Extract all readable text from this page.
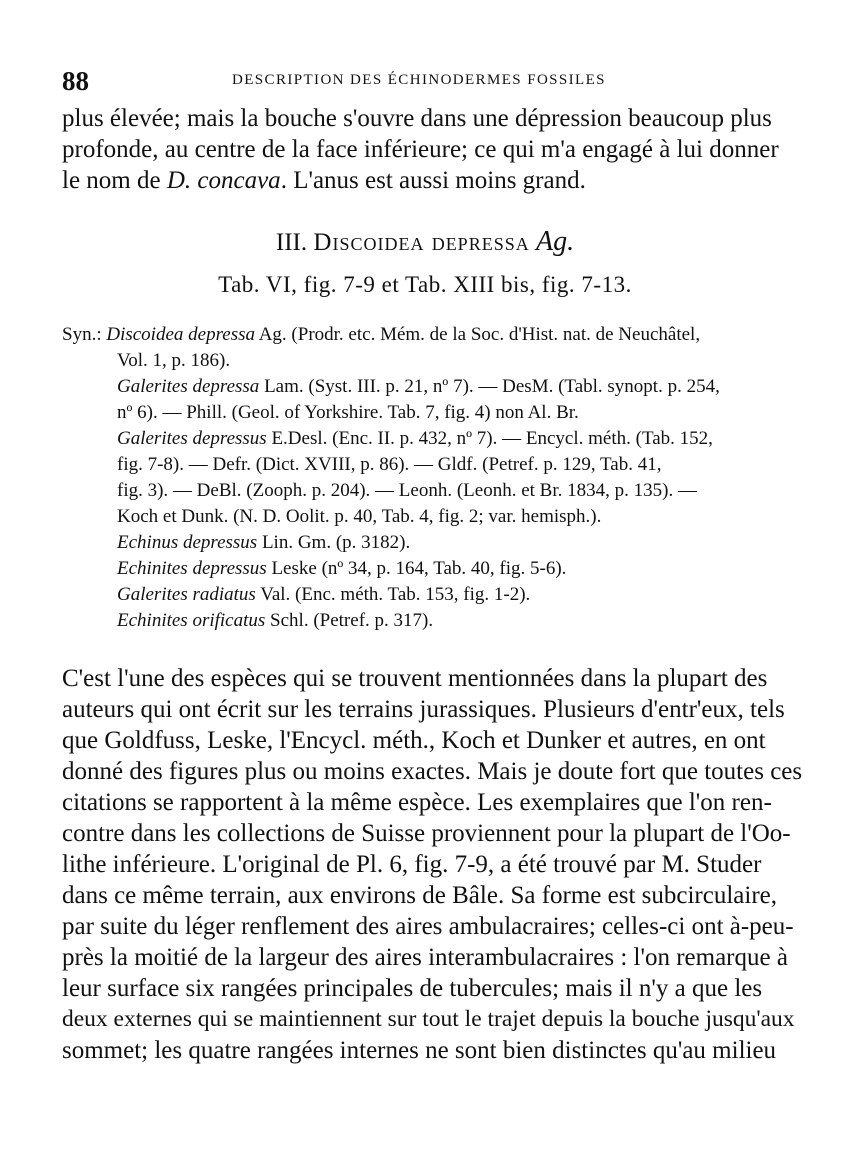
88	DESCRIPTION DES ÉCHINODERMES FOSSILES
plus élevée; mais la bouche s'ouvre dans une dépression beaucoup plus
profonde, au centre de la face inférieure; ce qui m'a engagé à lui donner
le nom de D. concava. L'anus est aussi moins grand.
III. Discoidea depressa Ag.
Tab. VI, fig. 7-9 et Tab. XIII bis, fig. 7-13.
Syn.: Discoidea depressa Ag. (Prodr. etc. Mém. de la Soc. d'Hist. nat. de Neuchâtel,
Vol. 1, p. 186).
Galerites depressa Lam. (Syst. III. p. 21, nº 7). — DesM. (Tabl. synopt. p. 254,
nº 6). — Phill. (Geol. of Yorkshire. Tab. 7, fig. 4) non Al. Br.
Galerites depressus E.Desl. (Enc. II. p. 432, nº 7). — Encycl. méth. (Tab. 152,
fig. 7-8). — Defr. (Dict. XVIII, p. 86). — Gldf. (Petref. p. 129, Tab. 41,
fig. 3). — DeBl. (Zooph. p. 204). — Leonh. (Leonh. et Br. 1834, p. 135). —
Koch et Dunk. (N. D. Oolit. p. 40, Tab. 4, fig. 2; var. hemisph.).
Echinus depressus Lin. Gm. (p. 3182).
Echinites depressus Leske (nº 34, p. 164, Tab. 40, fig. 5-6).
Galerites radiatus Val. (Enc. méth. Tab. 153, fig. 1-2).
Echinites orificatus Schl. (Petref. p. 317).
C'est l'une des espèces qui se trouvent mentionnées dans la plupart des
auteurs qui ont écrit sur les terrains jurassiques. Plusieurs d'entr'eux, tels
que Goldfuss, Leske, l'Encycl. méth., Koch et Dunker et autres, en ont
donné des figures plus ou moins exactes. Mais je doute fort que toutes ces
citations se rapportent à la même espèce. Les exemplaires que l'on ren-
contre dans les collections de Suisse proviennent pour la plupart de l'Oo-
lithe inférieure. L'original de Pl. 6, fig. 7-9, a été trouvé par M. Studer
dans ce même terrain, aux environs de Bâle. Sa forme est subcirculaire,
par suite du léger renflement des aires ambulacraires; celles-ci ont à-peu-
près la moitié de la largeur des aires interambulacraires : l'on remarque à
leur surface six rangées principales de tubercules; mais il n'y a que les
deux externes qui se maintiennent sur tout le trajet depuis la bouche jusqu'aux
sommet; les quatre rangées internes ne sont bien distinctes qu'au milieu
